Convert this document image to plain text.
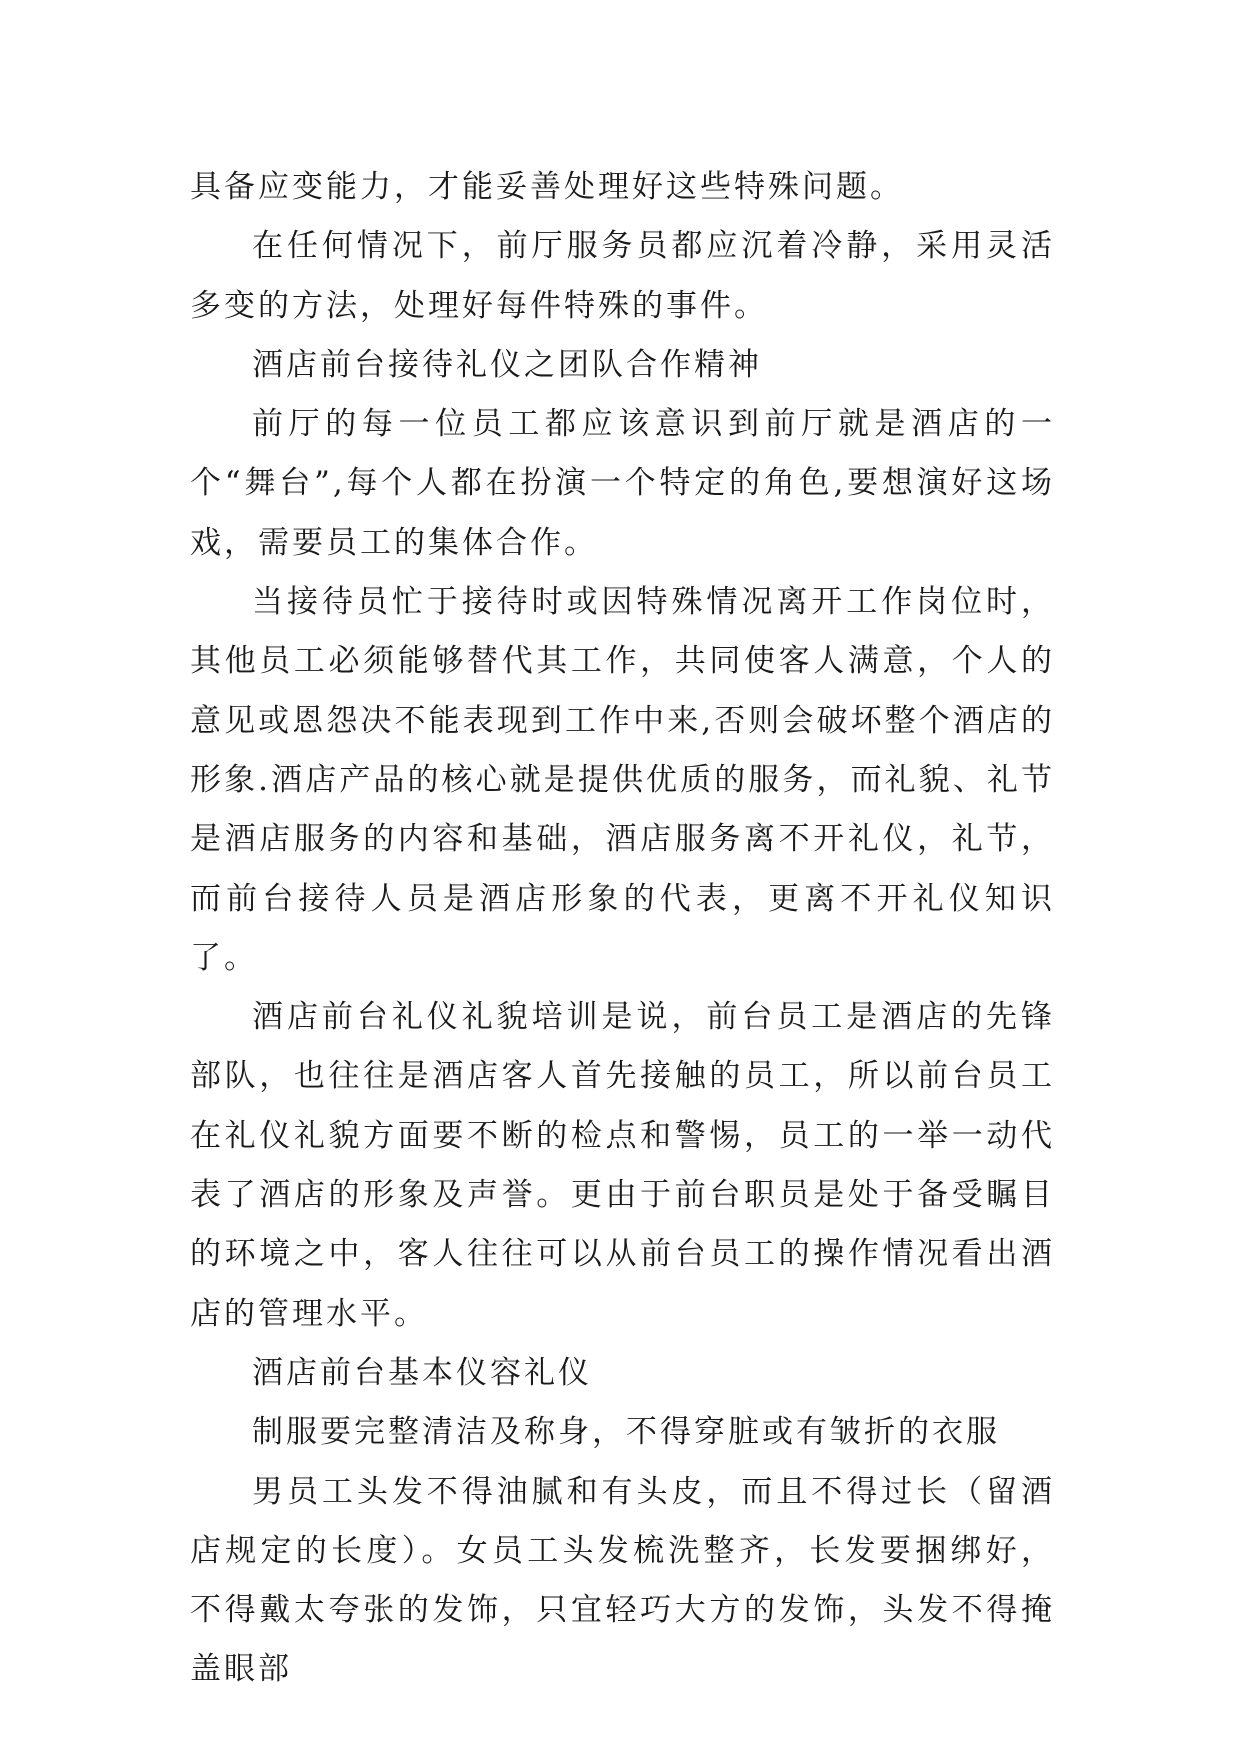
具备应变能力，才能妥善处理好这些特殊问题。

在任何情况下，前厅服务员都应沉着冷静，采用灵活多变的方法，处理好每件特殊的事件。

酒店前台接待礼仪之团队合作精神

前厅的每一位员工都应该意识到前厅就是酒店的一个“舞台”,每个人都在扮演一个特定的角色,要想演好这场戏，需要员工的集体合作。

当接待员忙于接待时或因特殊情况离开工作岗位时，其他员工必须能够替代其工作，共同使客人满意，个人的意见或恩怨决不能表现到工作中来,否则会破坏整个酒店的形象.酒店产品的核心就是提供优质的服务，而礼貌、礼节是酒店服务的内容和基础，酒店服务离不开礼仪，礼节，而前台接待人员是酒店形象的代表，更离不开礼仪知识了。

酒店前台礼仪礼貌培训是说，前台员工是酒店的先锋部队，也往往是酒店客人首先接触的员工，所以前台员工在礼仪礼貌方面要不断的检点和警惕，员工的一举一动代表了酒店的形象及声誉。更由于前台职员是处于备受瞩目的环境之中，客人往往可以从前台员工的操作情况看出酒店的管理水平。

酒店前台基本仪容礼仪

制服要完整清洁及称身，不得穿脏或有皱折的衣服

男员工头发不得油腻和有头皮，而且不得过长（留酒店规定的长度）。女员工头发梳洗整齐，长发要捆绑好，不得戴太夸张的发饰，只宜轻巧大方的发饰，头发不得掩盖眼部
